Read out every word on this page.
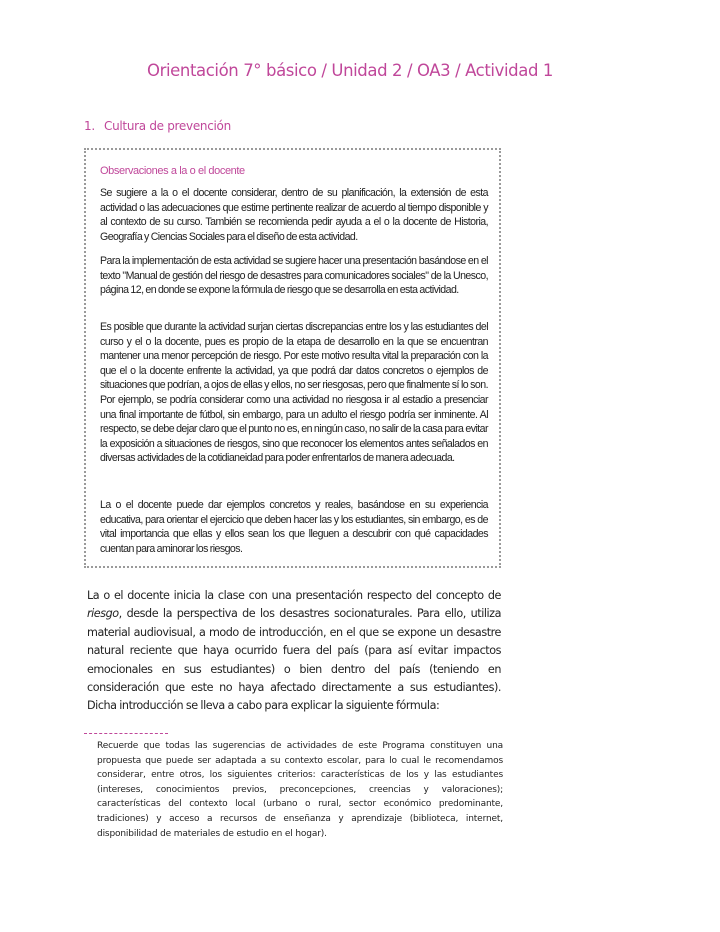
Orientación 7° básico / Unidad 2 / OA3 / Actividad 1
1. Cultura de prevención
Observaciones a la o el docente

Se sugiere a la o el docente considerar, dentro de su planificación, la extensión de esta actividad o las adecuaciones que estime pertinente realizar de acuerdo al tiempo disponible y al contexto de su curso. También se recomienda pedir ayuda a el o la docente de Historia, Geografía y Ciencias Sociales para el diseño de esta actividad.

Para la implementación de esta actividad se sugiere hacer una presentación basándose en el texto "Manual de gestión del riesgo de desastres para comunicadores sociales" de la Unesco, página 12, en donde se expone la fórmula de riesgo que se desarrolla en esta actividad.

Es posible que durante la actividad surjan ciertas discrepancias entre los y las estudiantes del curso y el o la docente, pues es propio de la etapa de desarrollo en la que se encuentran mantener una menor percepción de riesgo. Por este motivo resulta vital la preparación con la que el o la docente enfrente la actividad, ya que podrá dar datos concretos o ejemplos de situaciones que podrían, a ojos de ellas y ellos, no ser riesgosas, pero que finalmente sí lo son. Por ejemplo, se podría considerar como una actividad no riesgosa ir al estadio a presenciar una final importante de fútbol, sin embargo, para un adulto el riesgo podría ser inminente. Al respecto, se debe dejar claro que el punto no es, en ningún caso, no salir de la casa para evitar la exposición a situaciones de riesgos, sino que reconocer los elementos antes señalados en diversas actividades de la cotidianeidad para poder enfrentarlos de manera adecuada.

La o el docente puede dar ejemplos concretos y reales, basándose en su experiencia educativa, para orientar el ejercicio que deben hacer las y los estudiantes, sin embargo, es de vital importancia que ellas y ellos sean los que lleguen a descubrir con qué capacidades cuentan para aminorar los riesgos.

La o el docente inicia la clase con una presentación respecto del concepto de riesgo, desde la perspectiva de los desastres socionaturales. Para ello, utiliza material audiovisual, a modo de introducción, en el que se expone un desastre natural reciente que haya ocurrido fuera del país (para así evitar impactos emocionales en sus estudiantes) o bien dentro del país (teniendo en consideración que este no haya afectado directamente a sus estudiantes). Dicha introducción se lleva a cabo para explicar la siguiente fórmula:

Recuerde que todas las sugerencias de actividades de este Programa constituyen una propuesta que puede ser adaptada a su contexto escolar, para lo cual le recomendamos considerar, entre otros, los siguientes criterios: características de los y las estudiantes (intereses, conocimientos previos, preconcepciones, creencias y valoraciones); características del contexto local (urbano o rural, sector económico predominante, tradiciones) y acceso a recursos de enseñanza y aprendizaje (biblioteca, internet, disponibilidad de materiales de estudio en el hogar).
